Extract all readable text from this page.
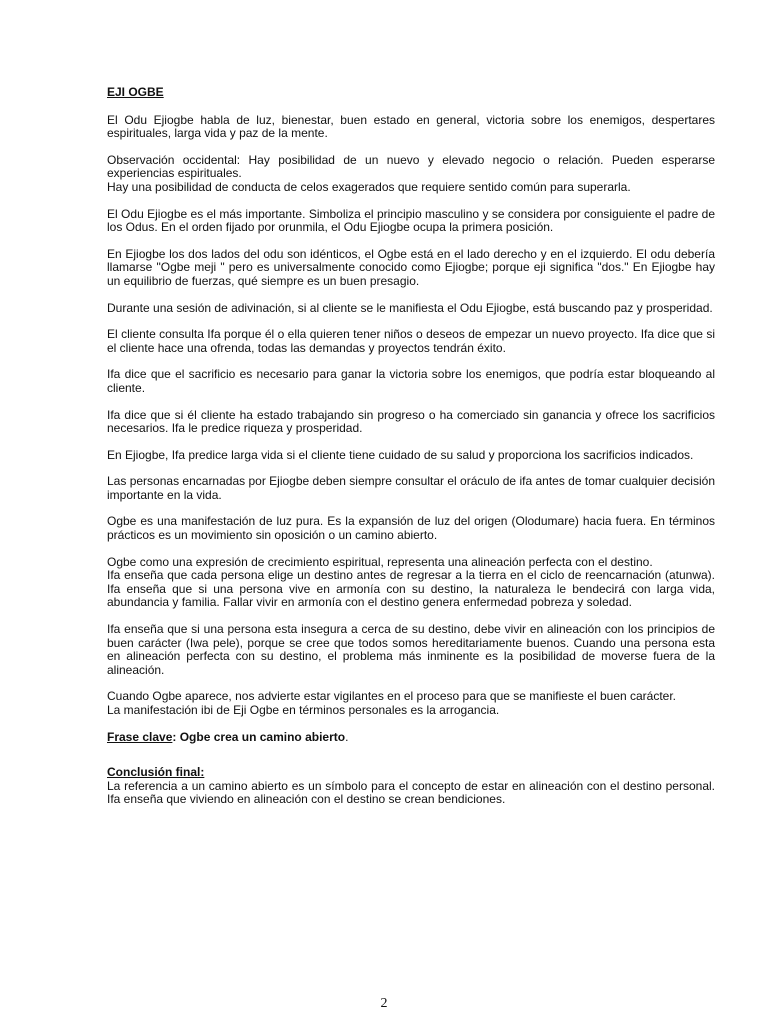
EJI OGBE

El Odu Ejiogbe habla de luz, bienestar, buen estado en general, victoria sobre los enemigos, despertares espirituales, larga vida y paz de la mente.

Observación occidental: Hay posibilidad de un nuevo y elevado negocio o relación. Pueden esperarse experiencias espirituales.

Hay una posibilidad de conducta de celos exagerados que requiere sentido común para superarla.

El Odu Ejiogbe es el más importante. Simboliza el principio masculino y se considera por consiguiente el padre de los Odus. En el orden fijado por orunmila, el Odu Ejiogbe ocupa la primera posición.

En Ejiogbe los dos lados del odu son idénticos, el Ogbe está en el lado derecho y en el izquierdo. El odu debería llamarse "Ogbe meji " pero es universalmente conocido como Ejiogbe; porque eji significa "dos." En Ejiogbe hay un equilibrio de fuerzas, qué siempre es un buen presagio.

Durante una sesión de adivinación, si al cliente se le manifiesta el Odu Ejiogbe, está buscando paz y prosperidad.

El cliente consulta Ifa porque él o ella quieren tener niños o deseos de empezar un nuevo proyecto. Ifa dice que si el cliente hace una ofrenda, todas las demandas y proyectos tendrán éxito.

Ifa dice que el sacrificio es necesario para ganar la victoria sobre los enemigos, que podría estar bloqueando al cliente.

Ifa dice que si él cliente ha estado trabajando sin progreso o ha comerciado sin ganancia y ofrece los sacrificios necesarios. Ifa le predice riqueza y prosperidad.

En Ejiogbe, Ifa predice larga vida si el cliente tiene cuidado de su salud y proporciona los sacrificios indicados.

Las personas encarnadas por Ejiogbe deben siempre consultar el oráculo de ifa antes de tomar cualquier decisión importante en la vida.

Ogbe es una manifestación de luz pura. Es la expansión de luz del origen (Olodumare) hacia fuera. En términos prácticos es un movimiento sin oposición o un camino abierto.

Ogbe como una expresión de crecimiento espiritual, representa una alineación perfecta con el destino.

Ifa enseña que cada persona elige un destino antes de regresar a la tierra en el ciclo de reencarnación (atunwa). Ifa enseña que si una persona vive en armonía con su destino, la naturaleza le bendecirá con larga vida, abundancia y familia. Fallar vivir en armonía con el destino genera enfermedad pobreza y soledad.

Ifa enseña que si una persona esta insegura a cerca de su destino, debe vivir en alineación con los principios de buen carácter (Iwa pele), porque se cree que todos somos hereditariamente buenos. Cuando una persona esta en alineación perfecta con su destino, el problema más inminente es la posibilidad de moverse fuera de la alineación.

Cuando Ogbe aparece, nos advierte estar vigilantes en el proceso para que se manifieste el buen carácter.

La manifestación ibi de Eji Ogbe en términos personales es la arrogancia.

Frase clave: Ogbe crea un camino abierto.

Conclusión final:

La referencia a un camino abierto es un símbolo para el concepto de estar en alineación con el destino personal. Ifa enseña que viviendo en alineación con el destino se crean bendiciones.

2
